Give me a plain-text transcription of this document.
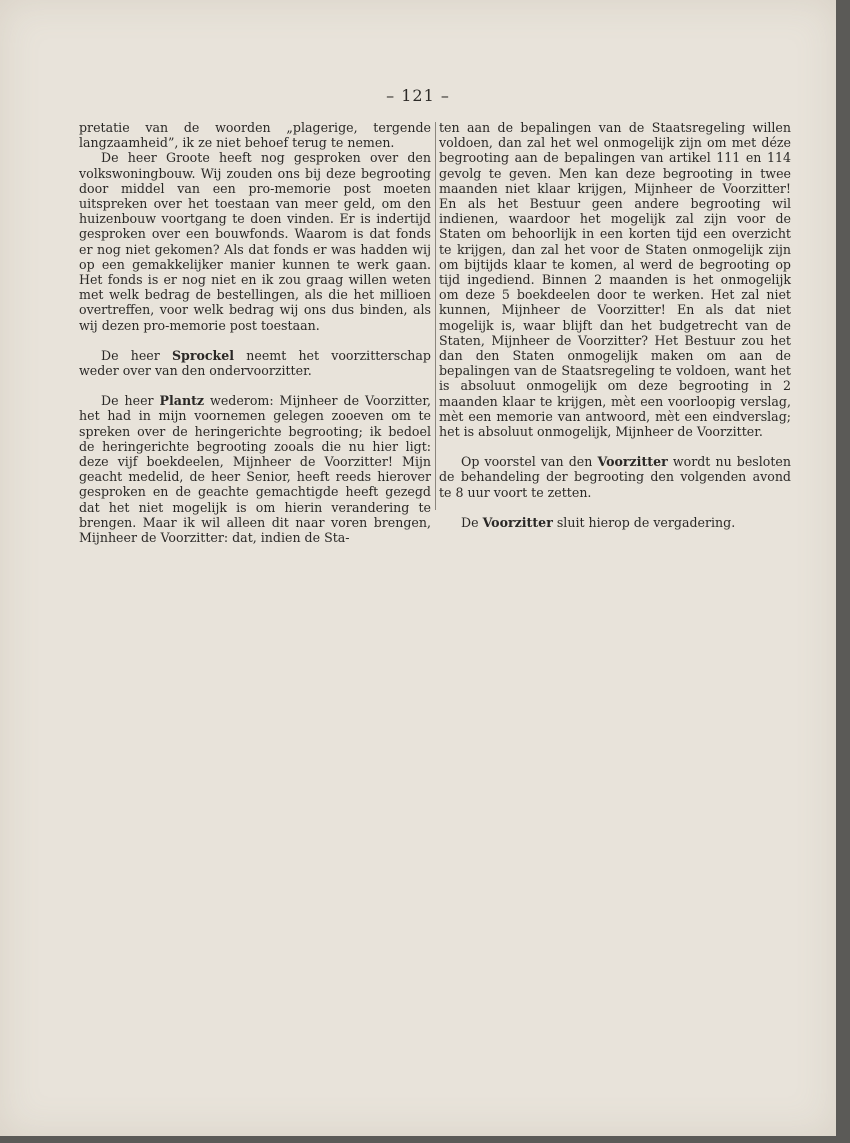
– 121 –

pretatie van de woorden „plagerige, tergende langzaamheid”, ik ze niet behoef terug te nemen.

De heer Groote heeft nog gesproken over den volkswoningbouw. Wij zouden ons bij deze begrooting door middel van een pro-memorie post moeten uitspreken over het toestaan van meer geld, om den huizenbouw voortgang te doen vinden. Er is indertijd gesproken over een bouwfonds. Waarom is dat fonds er nog niet gekomen? Als dat fonds er was hadden wij op een gemakkelijker manier kunnen te werk gaan. Het fonds is er nog niet en ik zou graag willen weten met welk bedrag de bestellingen, als die het millioen overtreffen, voor welk bedrag wij ons dus binden, als wij dezen pro-memorie post toestaan.

De heer Sprockel neemt het voorzitterschap weder over van den ondervoorzitter.

De heer Plantz wederom: Mijnheer de Voorzitter, het had in mijn voornemen gelegen zooeven om te spreken over de heringerichte begrooting; ik bedoel de heringerichte begrooting zooals die nu hier ligt: deze vijf boekdeelen, Mijnheer de Voorzitter! Mijn geacht medelid, de heer Senior, heeft reeds hierover gesproken en de geachte gemachtigde heeft gezegd dat het niet mogelijk is om hierin verandering te brengen. Maar ik wil alleen dit naar voren brengen, Mijnheer de Voorzitter: dat, indien de Sta-

ten aan de bepalingen van de Staatsregeling willen voldoen, dan zal het wel onmogelijk zijn om met déze begrooting aan de bepalingen van artikel 111 en 114 gevolg te geven. Men kan deze begrooting in twee maanden niet klaar krijgen, Mijnheer de Voorzitter! En als het Bestuur geen andere begrooting wil indienen, waardoor het mogelijk zal zijn voor de Staten om behoorlijk in een korten tijd een overzicht te krijgen, dan zal het voor de Staten onmogelijk zijn om bijtijds klaar te komen, al werd de begrooting op tijd ingediend. Binnen 2 maanden is het onmogelijk om deze 5 boekdeelen door te werken. Het zal niet kunnen, Mijnheer de Voorzitter! En als dat niet mogelijk is, waar blijft dan het budgetrecht van de Staten, Mijnheer de Voorzitter? Het Bestuur zou het dan den Staten onmogelijk maken om aan de bepalingen van de Staatsregeling te voldoen, want het is absoluut onmogelijk om deze begrooting in 2 maanden klaar te krijgen, mèt een voorloopig verslag, mèt een memorie van antwoord, mèt een eindverslag; het is absoluut onmogelijk, Mijnheer de Voorzitter.

Op voorstel van den Voorzitter wordt nu besloten de behandeling der begrooting den volgenden avond te 8 uur voort te zetten.

De Voorzitter sluit hierop de vergadering.
